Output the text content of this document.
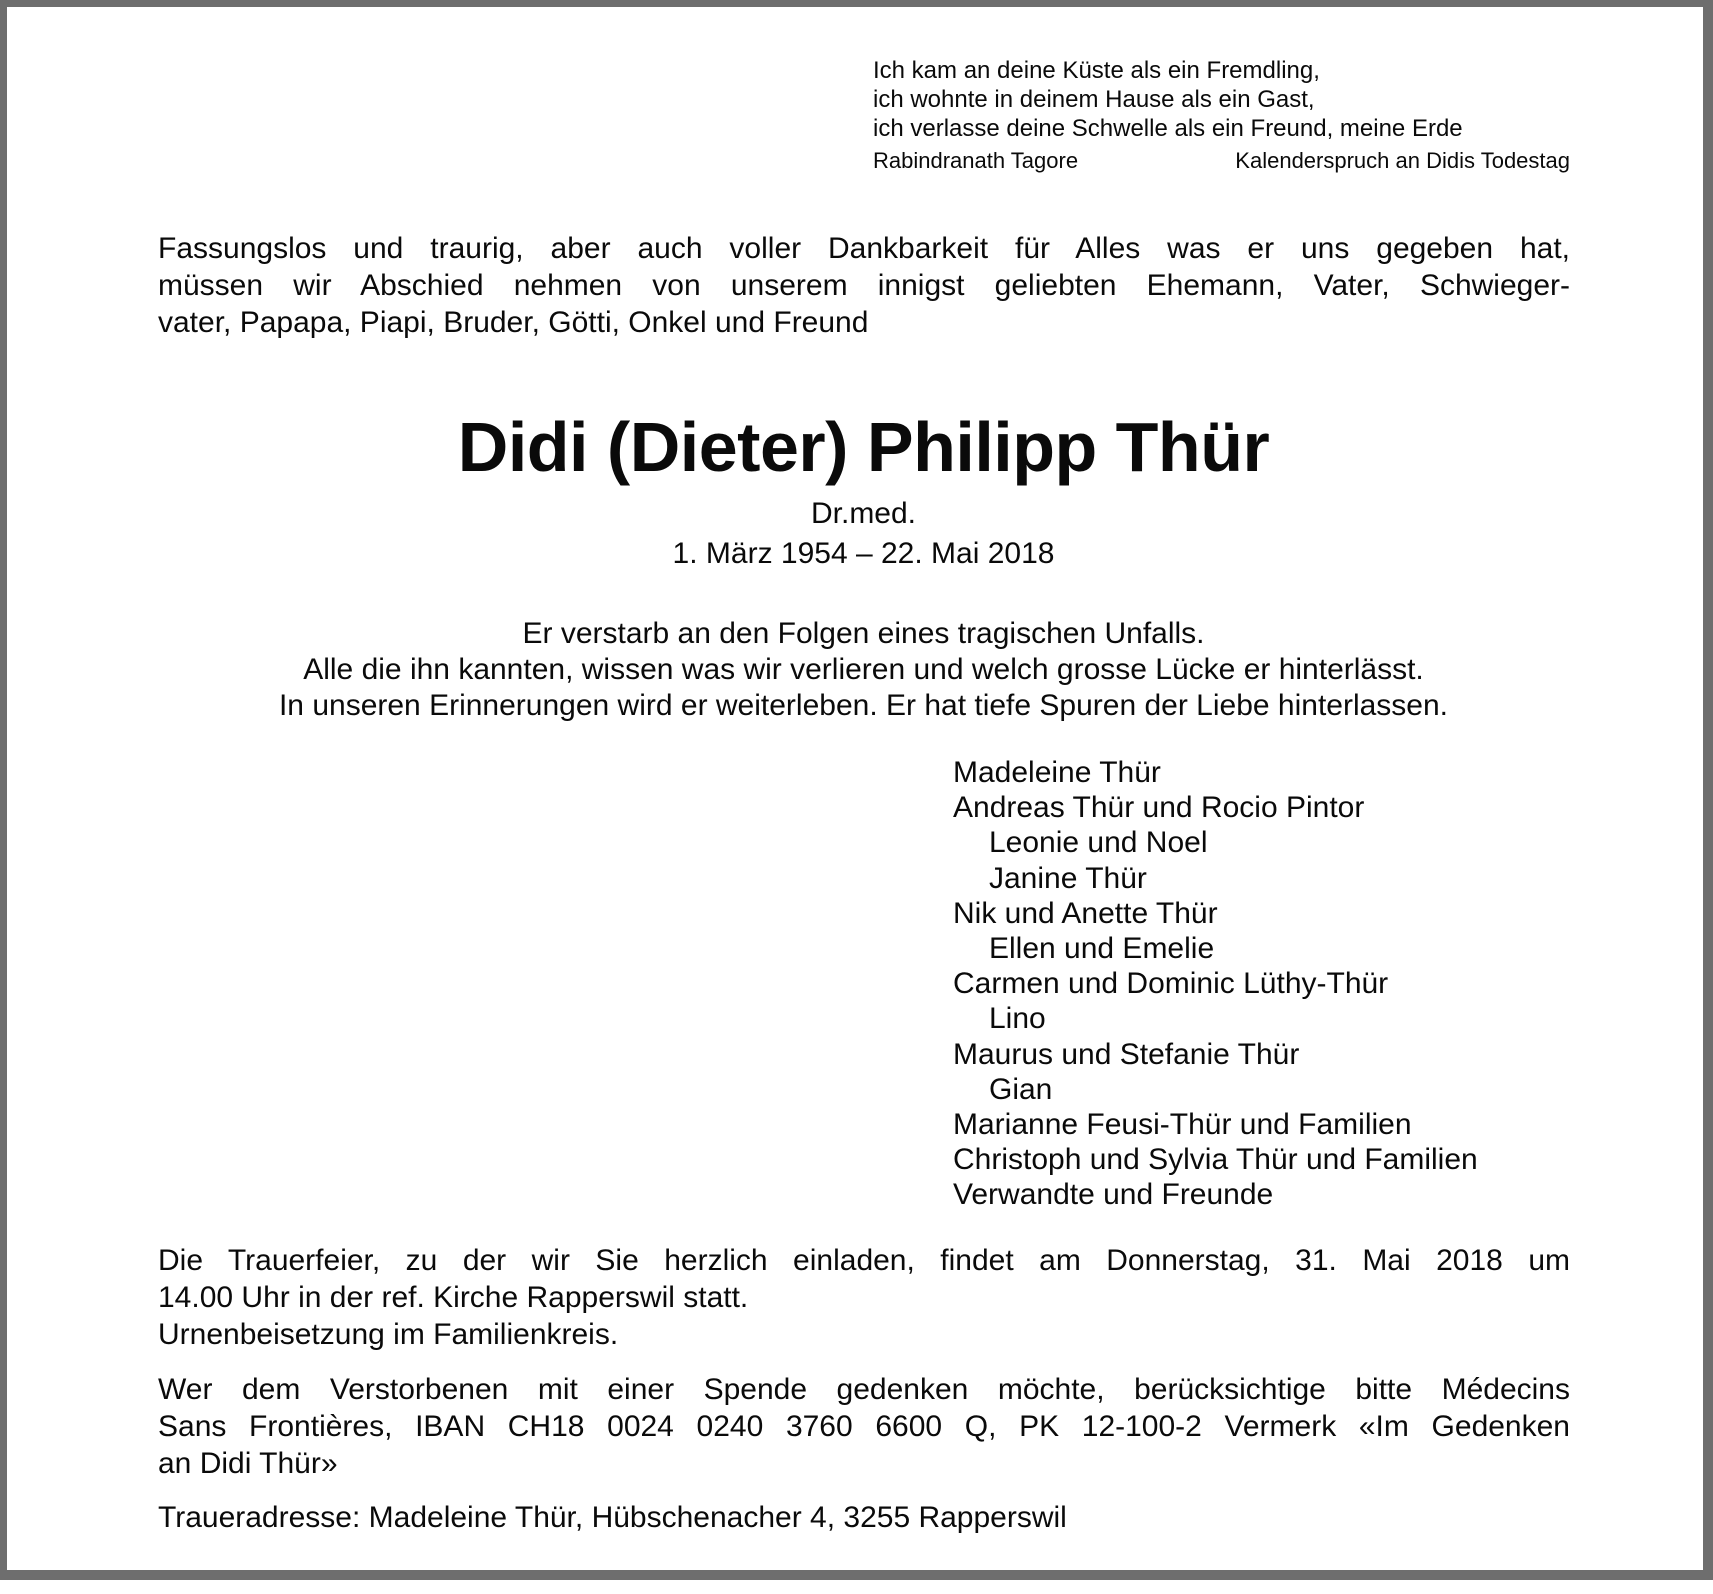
Ich kam an deine Küste als ein Fremdling,
ich wohnte in deinem Hause als ein Gast,
ich verlasse deine Schwelle als ein Freund, meine Erde
Rabindranath Tagore	Kalenderspruch an Didis Todestag
Fassungslos und traurig, aber auch voller Dankbarkeit für Alles was er uns gegeben hat,
müssen wir Abschied nehmen von unserem innigst geliebten Ehemann, Vater, Schwieger-
vater, Papapa, Piapi, Bruder, Götti, Onkel und Freund
Didi (Dieter) Philipp Thür
Dr.med.
1. März 1954 – 22. Mai 2018
Er verstarb an den Folgen eines tragischen Unfalls.
Alle die ihn kannten, wissen was wir verlieren und welch grosse Lücke er hinterlässt.
In unseren Erinnerungen wird er weiterleben. Er hat tiefe Spuren der Liebe hinterlassen.
Madeleine Thür
Andreas Thür und Rocio Pintor
Leonie und Noel
Janine Thür
Nik und Anette Thür
Ellen und Emelie
Carmen und Dominic Lüthy-Thür
Lino
Maurus und Stefanie Thür
Gian
Marianne Feusi-Thür und Familien
Christoph und Sylvia Thür und Familien
Verwandte und Freunde
Die Trauerfeier, zu der wir Sie herzlich einladen, findet am Donnerstag, 31. Mai 2018 um
14.00 Uhr in der ref. Kirche Rapperswil statt.
Urnenbeisetzung im Familienkreis.
Wer dem Verstorbenen mit einer Spende gedenken möchte, berücksichtige bitte Médecins
Sans Frontières, IBAN CH18 0024 0240 3760 6600 Q, PK 12-100-2 Vermerk «Im Gedenken
an Didi Thür»
Traueradresse: Madeleine Thür, Hübschenacher 4, 3255 Rapperswil
